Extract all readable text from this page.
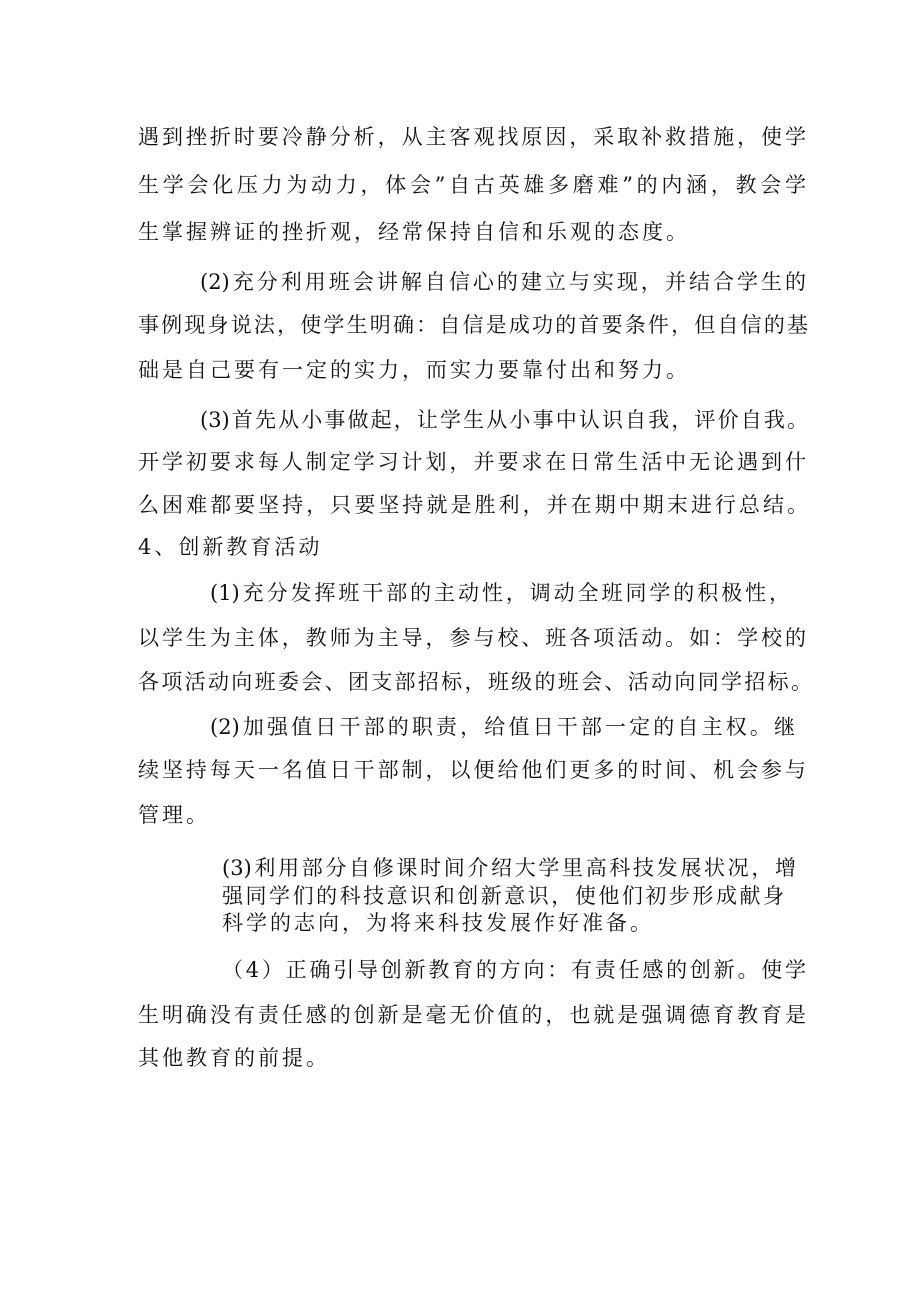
遇到挫折时要冷静分析，从主客观找原因，采取补救措施，使学
生学会化压力为动力，体会”自古英雄多磨难”的内涵，教会学
生掌握辨证的挫折观，经常保持自信和乐观的态度。
(2)充分利用班会讲解自信心的建立与实现，并结合学生的
事例现身说法，使学生明确：自信是成功的首要条件，但自信的基
础是自己要有一定的实力，而实力要靠付出和努力。
(3)首先从小事做起，让学生从小事中认识自我，评价自我。
开学初要求每人制定学习计划，并要求在日常生活中无论遇到什
么困难都要坚持，只要坚持就是胜利，并在期中期末进行总结。
4、创新教育活动
(1)充分发挥班干部的主动性，调动全班同学的积极性，
以学生为主体，教师为主导，参与校、班各项活动。如：学校的
各项活动向班委会、团支部招标，班级的班会、活动向同学招标。
(2)加强值日干部的职责，给值日干部一定的自主权。继
续坚持每天一名值日干部制，以便给他们更多的时间、机会参与
管理。
(3)利用部分自修课时间介绍大学里高科技发展状况，增
强同学们的科技意识和创新意识，使他们初步形成献身
科学的志向，为将来科技发展作好准备。
（4）正确引导创新教育的方向：有责任感的创新。使学
生明确没有责任感的创新是毫无价值的，也就是强调德育教育是
其他教育的前提。
